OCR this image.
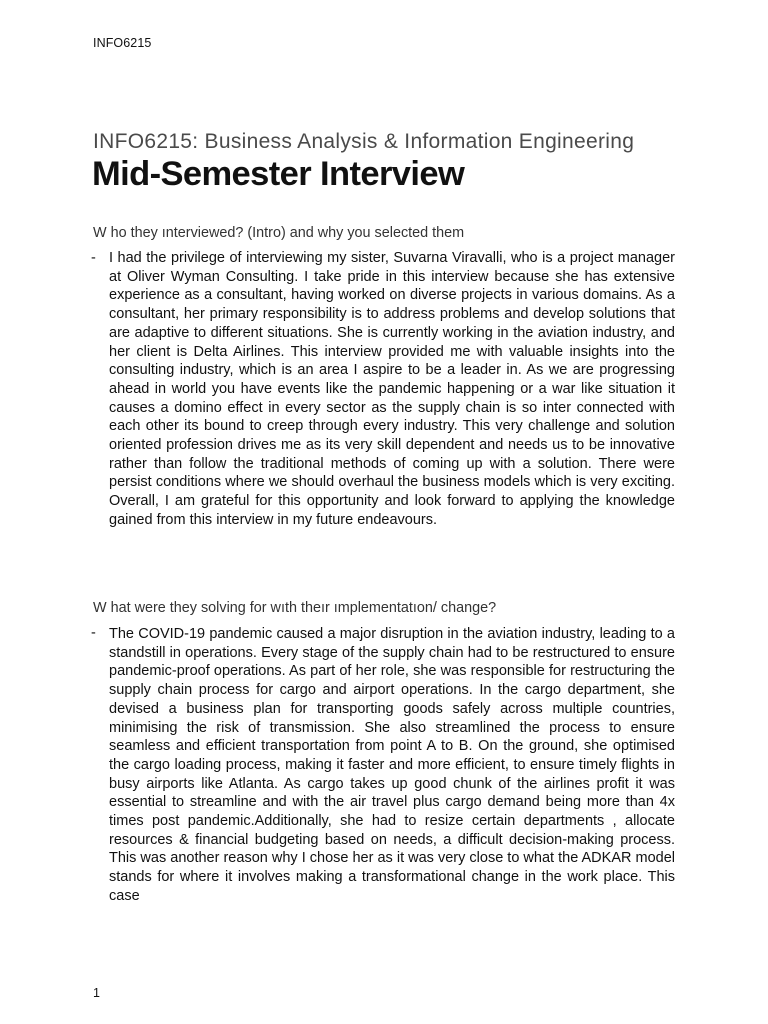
INFO6215
INFO6215: Business Analysis & Information Engineering
Mid-Semester Interview
W ho they ınterviewed? (Intro) and why you selected them
- I had the privilege of interviewing my sister, Suvarna Viravalli, who is a project manager at Oliver Wyman Consulting. I take pride in this interview because she has extensive experience as a consultant, having worked on diverse projects in various domains. As a consultant, her primary responsibility is to address problems and develop solutions that are adaptive to different situations. She is currently working in the aviation industry, and her client is Delta Airlines. This interview provided me with valuable insights into the consulting industry, which is an area I aspire to be a leader in. As we are progressing ahead in world you have events like the pandemic happening or a war like situation it causes a domino effect in every sector as the supply chain is so inter connected with each other its bound to creep through every industry. This very challenge and solution oriented profession drives me as its very skill dependent and needs us to be innovative rather than follow the traditional methods of coming up with a solution. There were persist conditions where we should overhaul the business models which is very exciting. Overall, I am grateful for this opportunity and look forward to applying the knowledge gained from this interview in my future endeavours.
W hat were they solving for wıth theır ımplementatıon/ change?
- The COVID-19 pandemic caused a major disruption in the aviation industry, leading to a standstill in operations. Every stage of the supply chain had to be restructured to ensure pandemic-proof operations. As part of her role, she was responsible for restructuring the supply chain process for cargo and airport operations. In the cargo department, she devised a business plan for transporting goods safely across multiple countries, minimising the risk of transmission. She also streamlined the process to ensure seamless and efficient transportation from point A to B. On the ground, she optimised the cargo loading process, making it faster and more efficient, to ensure timely flights in busy airports like Atlanta. As cargo takes up good chunk of the airlines profit it was essential to streamline and with the air travel plus cargo demand being more than 4x times post pandemic.Additionally, she had to resize certain departments , allocate resources & financial budgeting based on needs, a difficult decision-making process. This was another reason why I chose her as it was very close to what the ADKAR model stands for where it involves making a transformational change in the work place. This case
1
